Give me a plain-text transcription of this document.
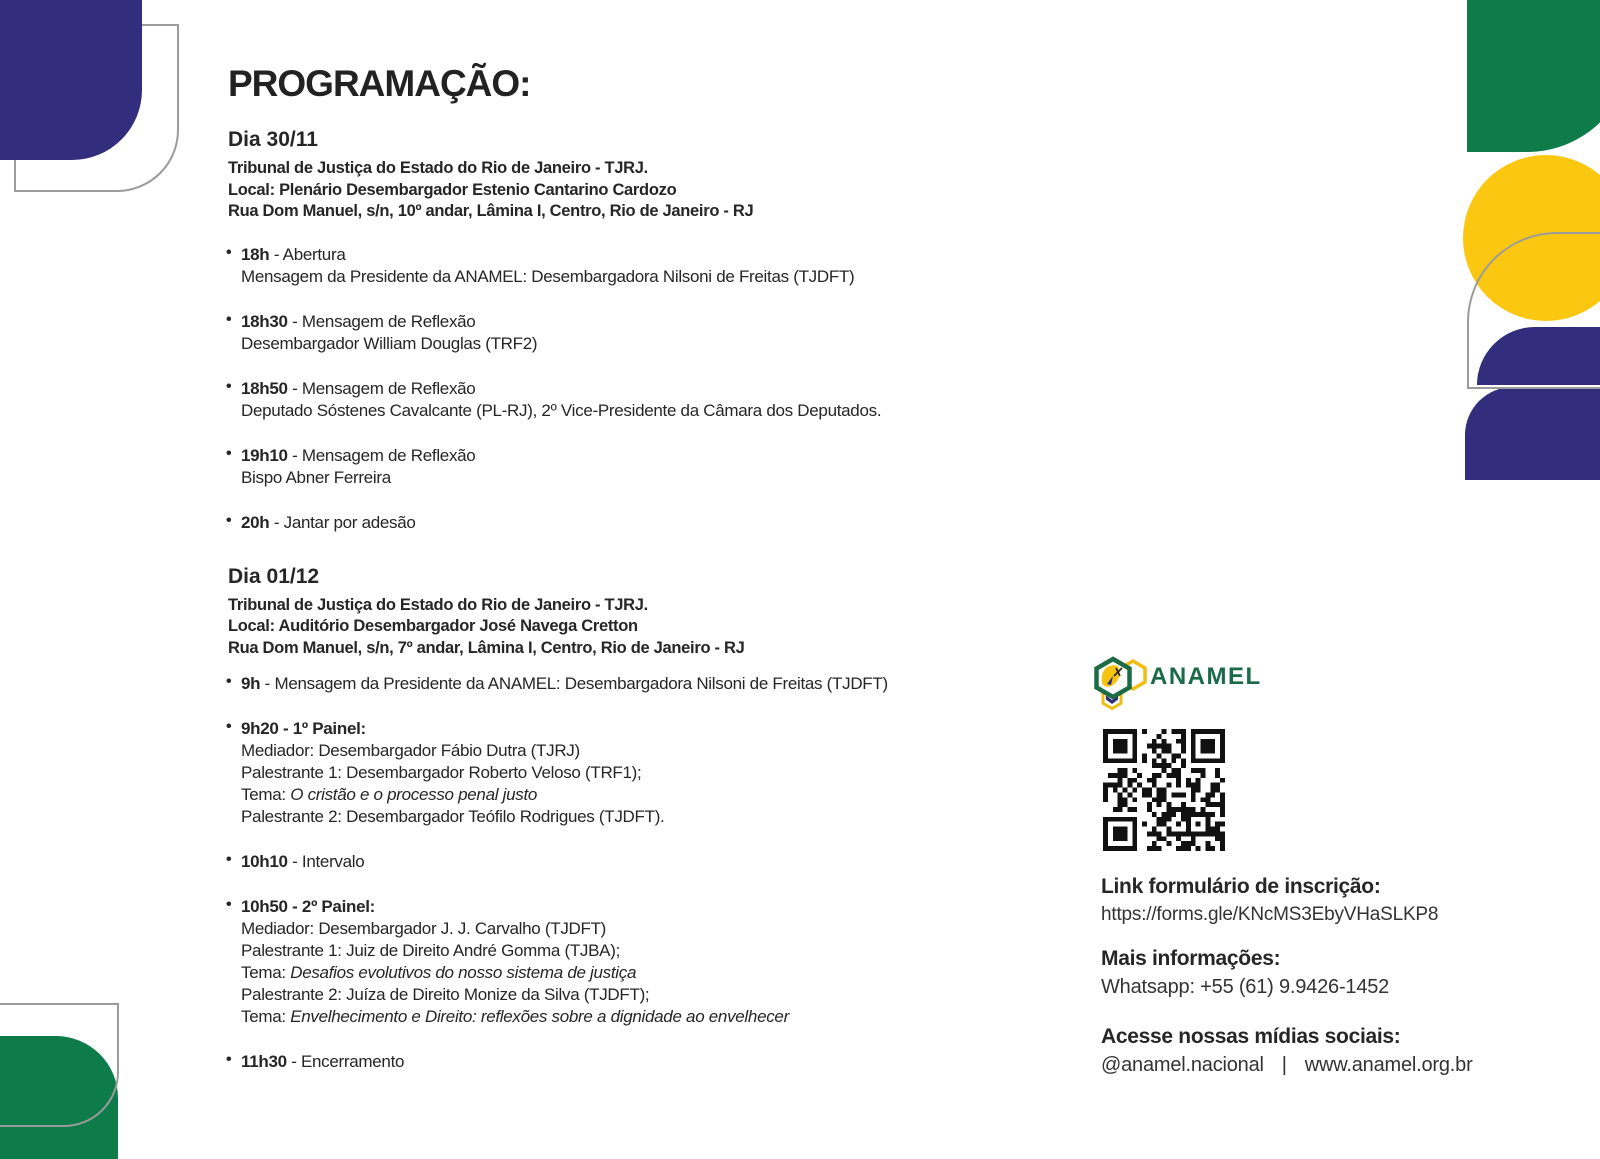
PROGRAMAÇÃO:
Dia 30/11
Tribunal de Justiça do Estado do Rio de Janeiro - TJRJ.
Local: Plenário Desembargador Estenio Cantarino Cardozo
Rua Dom Manuel, s/n, 10º andar, Lâmina I, Centro, Rio de Janeiro - RJ
• 18h - Abertura
Mensagem da Presidente da ANAMEL: Desembargadora Nilsoni de Freitas (TJDFT)
• 18h30 - Mensagem de Reflexão
Desembargador William Douglas (TRF2)
• 18h50 - Mensagem de Reflexão
Deputado Sóstenes Cavalcante (PL-RJ), 2º Vice-Presidente da Câmara dos Deputados.
• 19h10 - Mensagem de Reflexão
Bispo Abner Ferreira
• 20h - Jantar por adesão
Dia 01/12
Tribunal de Justiça do Estado do Rio de Janeiro - TJRJ.
Local: Auditório Desembargador José Navega Cretton
Rua Dom Manuel, s/n, 7º andar, Lâmina I, Centro, Rio de Janeiro - RJ
• 9h - Mensagem da Presidente da ANAMEL: Desembargadora Nilsoni de Freitas (TJDFT)
• 9h20 - 1º Painel:
Mediador: Desembargador Fábio Dutra (TJRJ)
Palestrante 1: Desembargador Roberto Veloso (TRF1);
Tema: O cristão e o processo penal justo
Palestrante 2: Desembargador Teófilo Rodrigues (TJDFT).
• 10h10 - Intervalo
• 10h50 - 2º Painel:
Mediador: Desembargador J. J. Carvalho (TJDFT)
Palestrante 1: Juiz de Direito André Gomma (TJBA);
Tema: Desafios evolutivos do nosso sistema de justiça
Palestrante 2: Juíza de Direito Monize da Silva (TJDFT);
Tema: Envelhecimento e Direito: reflexões sobre a dignidade ao envelhecer
• 11h30 - Encerramento
ANAMEL
Link formulário de inscrição:
https://forms.gle/KNcMS3EbyVHaSLKP8
Mais informações:
Whatsapp: +55 (61) 9.9426-1452
Acesse nossas mídias sociais:
@anamel.nacional | www.anamel.org.br
